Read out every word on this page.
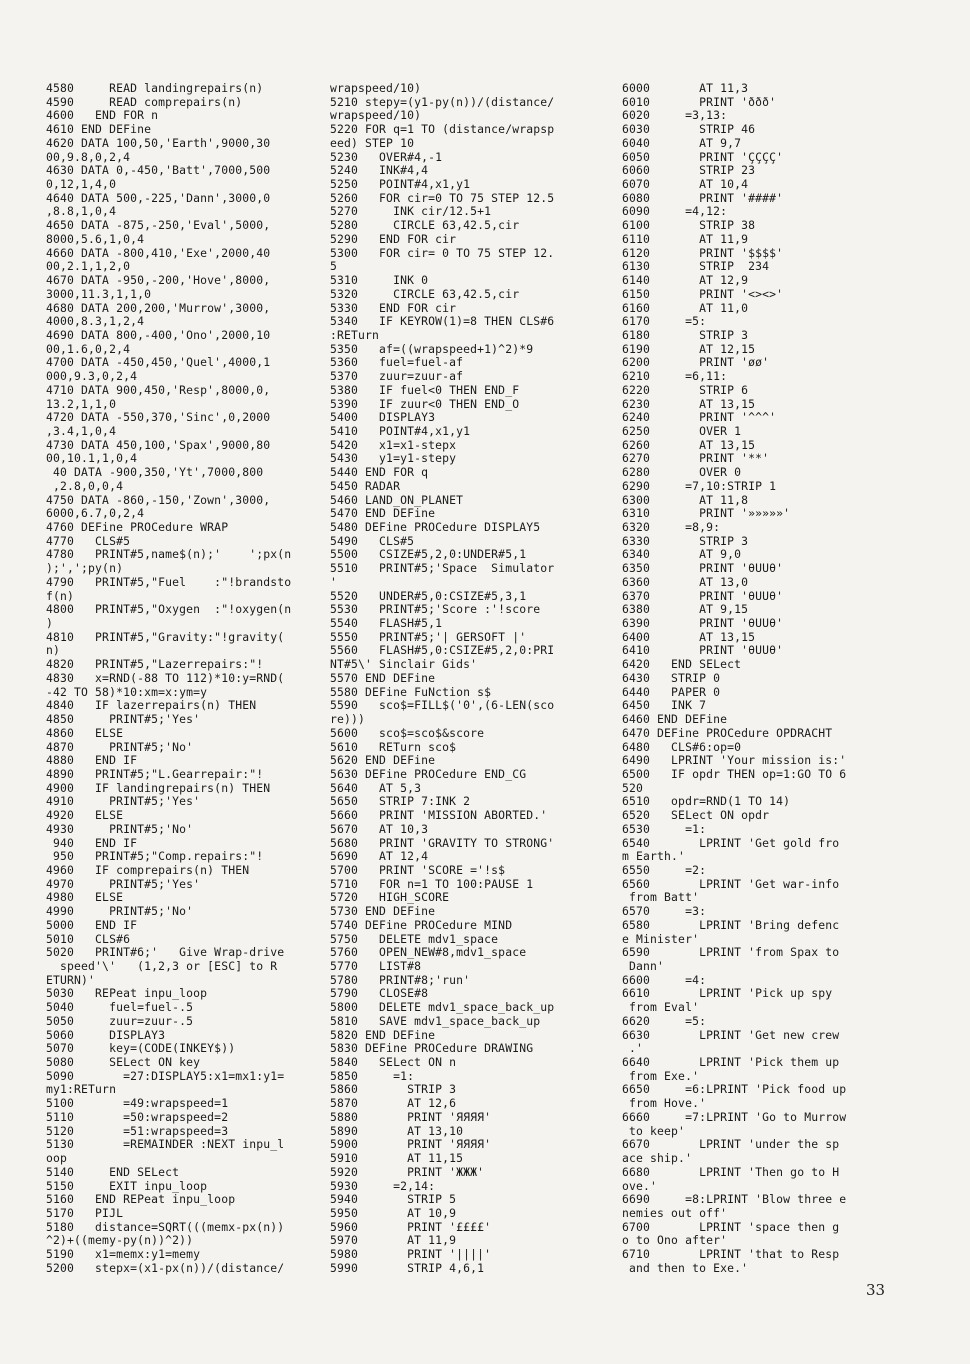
4580     READ landingrepairs(n)
4590     READ comprepairs(n)
4600   END FOR n
4610 END DEFine
4620 DATA 100,50,'Earth',9000,30
00,9.8,0,2,4
4630 DATA 0,-450,'Batt',7000,500
0,12,1,4,0
4640 DATA 500,-225,'Dann',3000,0
,8.8,1,0,4
4650 DATA -875,-250,'Eval',5000,
8000,5.6,1,0,4
4660 DATA -800,410,'Exe',2000,40
00,2.1,1,2,0
4670 DATA -950,-200,'Hove',8000,
3000,11.3,1,1,0
4680 DATA 200,200,'Murrow',3000,
4000,8.3,1,2,4
4690 DATA 800,-400,'Ono',2000,10
00,1.6,0,2,4
4700 DATA -450,450,'Quel',4000,1
000,9.3,0,2,4
4710 DATA 900,450,'Resp',8000,0,
13.2,1,1,0
4720 DATA -550,370,'Sinc',0,2000
,3.4,1,0,4
4730 DATA 450,100,'Spax',9000,80
00,10.1,1,0,4
40 DATA -900,350,'Yt',7000,800
,2.8,0,0,4
4750 DATA -860,-150,'Zown',3000,
6000,6.7,0,2,4
4760 DEFine PROCedure WRAP
4770   CLS#5
4780   PRINT#5,name$(n);'    ';px(n
);',';py(n)
4790   PRINT#5,"Fuel    :"!brandsto
f(n)
4800   PRINT#5,"Oxygen  :"!oxygen(n
)
4810   PRINT#5,"Gravity:"!gravity(
n)
4820   PRINT#5,"Lazerrepairs:"!
4830   x=RND(-88 TO 112)*10:y=RND(
-42 TO 58)*10:xm=x:ym=y
4840   IF lazerrepairs(n) THEN
4850     PRINT#5;'Yes'
4860   ELSE
4870     PRINT#5;'No'
4880   END IF
4890   PRINT#5;"L.Gearrepair:"!
4900   IF landingrepairs(n) THEN
4910     PRINT#5;'Yes'
4920   ELSE
4930     PRINT#5;'No'
940   END IF
950   PRINT#5;"Comp.repairs:"!
4960   IF comprepairs(n) THEN
4970     PRINT#5;'Yes'
4980   ELSE
4990     PRINT#5;'No'
5000   END IF
5010   CLS#6
5020   PRINT#6;'   Give Wrap-drive
speed'\'   (1,2,3 or [ESC] to R
ETURN)'
5030   REPeat inpu_loop
5040     fuel=fuel-.5
5050     zuur=zuur-.5
5060     DISPLAY3
5070     key=(CODE(INKEY$))
5080     SELect ON key
5090       =27:DISPLAY5:x1=mx1:y1=
my1:RETurn
5100       =49:wrapspeed=1
5110       =50:wrapspeed=2
5120       =51:wrapspeed=3
5130       =REMAINDER :NEXT inpu_l
oop
5140     END SELect
5150     EXIT inpu_loop
5160   END REPeat inpu_loop
5170   PIJL
5180   distance=SQRT(((memx-px(n))
^2)+((memy-py(n))^2))
5190   x1=memx:y1=memy
5200   stepx=(x1-px(n))/(distance/
wrapspeed/10)
5210 stepy=(y1-py(n))/(distance/
wrapspeed/10)
5220 FOR q=1 TO (distance/wrapsp
eed) STEP 10
5230   OVER#4,-1
5240   INK#4,4
5250   POINT#4,x1,y1
5260   FOR cir=0 TO 75 STEP 12.5
5270     INK cir/12.5+1
5280     CIRCLE 63,42.5,cir
5290   END FOR cir
5300   FOR cir= 0 TO 75 STEP 12.
5
5310     INK 0
5320     CIRCLE 63,42.5,cir
5330   END FOR cir
5340   IF KEYROW(1)=8 THEN CLS#6
:RETurn
5350   af=((wrapspeed+1)^2)*9
5360   fuel=fuel-af
5370   zuur=zuur-af
5380   IF fuel<0 THEN END_F
5390   IF zuur<0 THEN END_O
5400   DISPLAY3
5410   POINT#4,x1,y1
5420   x1=x1-stepx
5430   y1=y1-stepy
5440 END FOR q
5450 RADAR
5460 LAND_ON_PLANET
5470 END DEFine
5480 DEFine PROCedure DISPLAY5
5490   CLS#5
5500   CSIZE#5,2,0:UNDER#5,1
5510   PRINT#5;'Space  Simulator
'
5520   UNDER#5,0:CSIZE#5,3,1
5530   PRINT#5;'Score :'!score
5540   FLASH#5,1
5550   PRINT#5;'| GERSOFT |'
5560   FLASH#5,0:CSIZE#5,2,0:PRI
NT#5\' Sinclair Gids'
5570 END DEFine
5580 DEFine FuNction s$
5590   sco$=FILL$('0',(6-LEN(sco
re)))
5600   sco$=sco$&score
5610   RETurn sco$
5620 END DEFine
5630 DEFine PROCedure END_CG
5640   AT 5,3
5650   STRIP 7:INK 2
5660   PRINT 'MISSION ABORTED.'
5670   AT 10,3
5680   PRINT 'GRAVITY TO STRONG'
5690   AT 12,4
5700   PRINT 'SCORE ='!s$
5710   FOR n=1 TO 100:PAUSE 1
5720   HIGH_SCORE
5730 END DEFine
5740 DEFine PROCedure MIND
5750   DELETE mdv1_space
5760   OPEN_NEW#8,mdv1_space
5770   LIST#8
5780   PRINT#8;'run'
5790   CLOSE#8
5800   DELETE mdv1_space_back_up
5810   SAVE mdv1_space_back_up
5820 END DEFine
5830 DEFine PROCedure DRAWING
5840   SELect ON n
5850     =1:
5860       STRIP 3
5870       AT 12,6
5880       PRINT 'ЯЯЯЯ'
5890       AT 13,10
5900       PRINT 'ЯЯЯЯ'
5910       AT 11,15
5920       PRINT 'ЖЖЖ'
5930     =2,14:
5940       STRIP 5
5950       AT 10,9
5960       PRINT '££££'
5970       AT 11,9
5980       PRINT '||||'
5990       STRIP 4,6,1
6000       AT 11,3
6010       PRINT 'ððð'
6020     =3,13:
6030       STRIP 46
6040       AT 9,7
6050       PRINT 'ÇÇÇÇ'
6060       STRIP 23
6070       AT 10,4
6080       PRINT '####'
6090     =4,12:
6100       STRIP 38
6110       AT 11,9
6120       PRINT '$$$$'
6130       STRIP  234
6140       AT 12,9
6150       PRINT '<><>'
6160       AT 11,0
6170     =5:
6180       STRIP 3
6190       AT 12,15
6200       PRINT 'øø'
6210     =6,11:
6220       STRIP 6
6230       AT 13,15
6240       PRINT '^^^'
6250       OVER 1
6260       AT 13,15
6270       PRINT '**'
6280       OVER 0
6290     =7,10:STRIP 1
6300       AT 11,8
6310       PRINT '»»»»»'
6320     =8,9:
6330       STRIP 3
6340       AT 9,0
6350       PRINT 'θUUθ'
6360       AT 13,0
6370       PRINT 'θUUθ'
6380       AT 9,15
6390       PRINT 'θUUθ'
6400       AT 13,15
6410       PRINT 'θUUθ'
6420   END SELect
6430   STRIP 0
6440   PAPER 0
6450   INK 7
6460 END DEFine
6470 DEFine PROCedure OPDRACHT
6480   CLS#6:op=0
6490   LPRINT 'Your mission is:'
6500   IF opdr THEN op=1:GO TO 6
520
6510   opdr=RND(1 TO 14)
6520   SELect ON opdr
6530     =1:
6540       LPRINT 'Get gold fro
m Earth.'
6550     =2:
6560       LPRINT 'Get war-info
from Batt'
6570     =3:
6580       LPRINT 'Bring defenc
e Minister'
6590       LPRINT 'from Spax to
Dann'
6600     =4:
6610       LPRINT 'Pick up spy
from Eval'
6620     =5:
6630       LPRINT 'Get new crew
.'
6640       LPRINT 'Pick them up
from Exe.'
6650     =6:LPRINT 'Pick food up
from Hove.'
6660     =7:LPRINT 'Go to Murrow
to keep'
6670       LPRINT 'under the sp
ace ship.'
6680       LPRINT 'Then go to H
ove.'
6690     =8:LPRINT 'Blow three e
nemies out off'
6700       LPRINT 'space then g
o to Ono after'
6710       LPRINT 'that to Resp
and then to Exe.'
33
